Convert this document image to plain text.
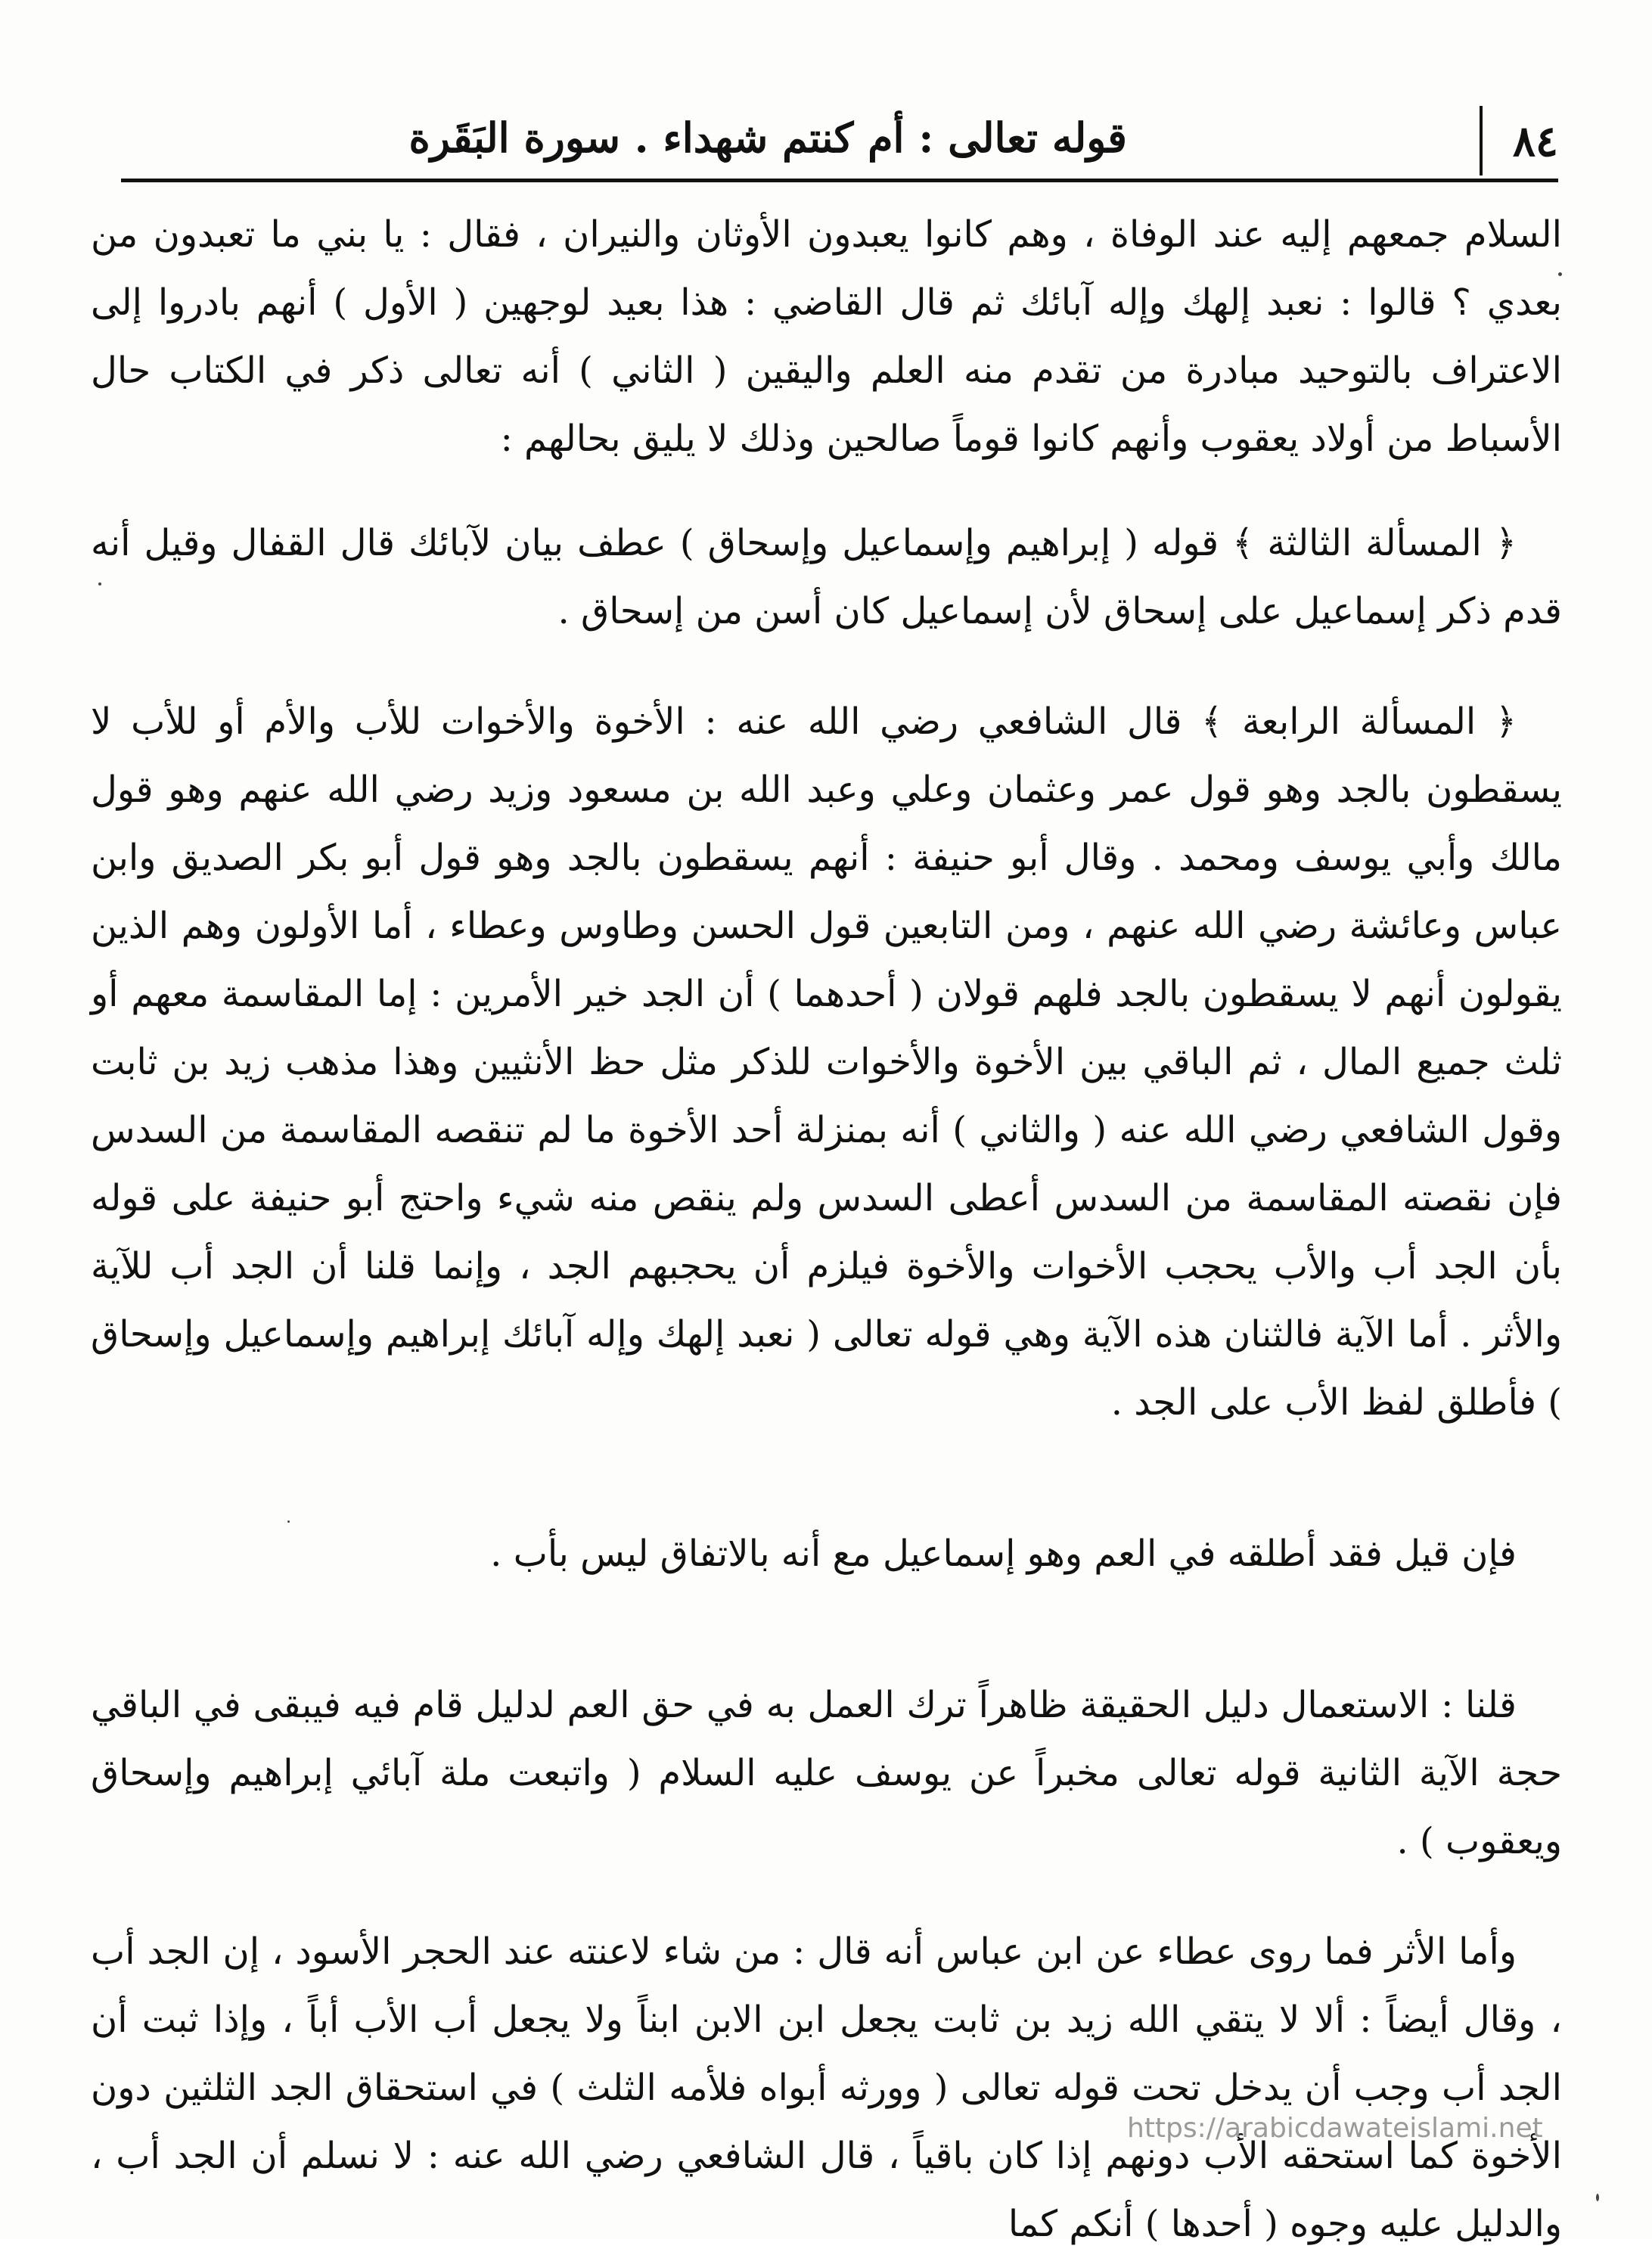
٨٤
قوله تعالى : أم كنتم شهداء . سورة البَقَرة

السلام جمعهم إليه عند الوفاة ، وهم كانوا يعبدون الأوثان والنيران ، فقال : يا بني ما تعبدون من بعدي ؟ قالوا : نعبد إلهك وإله آبائك ثم قال القاضي : هذا بعيد لوجهين ( الأول ) أنهم بادروا إلى الاعتراف بالتوحيد مبادرة من تقدم منه العلم واليقين ( الثاني ) أنه تعالى ذكر في الكتاب حال الأسباط من أولاد يعقوب وأنهم كانوا قوماً صالحين وذلك لا يليق بحالهم :

﴿ المسألة الثالثة ﴾ قوله ( إبراهيم وإسماعيل وإسحاق ) عطف بيان لآبائك قال القفال وقيل أنه قدم ذكر إسماعيل على إسحاق لأن إسماعيل كان أسن من إسحاق .

﴿ المسألة الرابعة ﴾ قال الشافعي رضي الله عنه : الأخوة والأخوات للأب والأم أو للأب لا يسقطون بالجد وهو قول عمر وعثمان وعلي وعبد الله بن مسعود وزيد رضي الله عنهم وهو قول مالك وأبي يوسف ومحمد . وقال أبو حنيفة : أنهم يسقطون بالجد وهو قول أبو بكر الصديق وابن عباس وعائشة رضي الله عنهم ، ومن التابعين قول الحسن وطاوس وعطاء ، أما الأولون وهم الذين يقولون أنهم لا يسقطون بالجد فلهم قولان ( أحدهما ) أن الجد خير الأمرين : إما المقاسمة معهم أو ثلث جميع المال ، ثم الباقي بين الأخوة والأخوات للذكر مثل حظ الأنثيين وهذا مذهب زيد بن ثابت وقول الشافعي رضي الله عنه ( والثاني ) أنه بمنزلة أحد الأخوة ما لم تنقصه المقاسمة من السدس فإن نقصته المقاسمة من السدس أعطى السدس ولم ينقص منه شيء واحتج أبو حنيفة على قوله بأن الجد أب والأب يحجب الأخوات والأخوة فيلزم أن يحجبهم الجد ، وإنما قلنا أن الجد أب للآية والأثر . أما الآية فالثنان هذه الآية وهي قوله تعالى ( نعبد إلهك وإله آبائك إبراهيم وإسماعيل وإسحاق ) فأطلق لفظ الأب على الجد .

فإن قيل فقد أطلقه في العم وهو إسماعيل مع أنه بالاتفاق ليس بأب .

قلنا : الاستعمال دليل الحقيقة ظاهراً ترك العمل به في حق العم لدليل قام فيه فيبقى في الباقي حجة الآية الثانية قوله تعالى مخبراً عن يوسف عليه السلام ( واتبعت ملة آبائي إبراهيم وإسحاق ويعقوب ) .

وأما الأثر فما روى عطاء عن ابن عباس أنه قال : من شاء لاعنته عند الحجر الأسود ، إن الجد أب ، وقال أيضاً : ألا لا يتقي الله زيد بن ثابت يجعل ابن الابن ابناً ولا يجعل أب الأب أباً ، وإذا ثبت أن الجد أب وجب أن يدخل تحت قوله تعالى ( وورثه أبواه فلأمه الثلث ) في استحقاق الجد الثلثين دون الأخوة كما استحقه الأب دونهم إذا كان باقياً ، قال الشافعي رضي الله عنه : لا نسلم أن الجد أب ، والدليل عليه وجوه ( أحدها ) أنكم كما

https://arabicdawateislami.net
